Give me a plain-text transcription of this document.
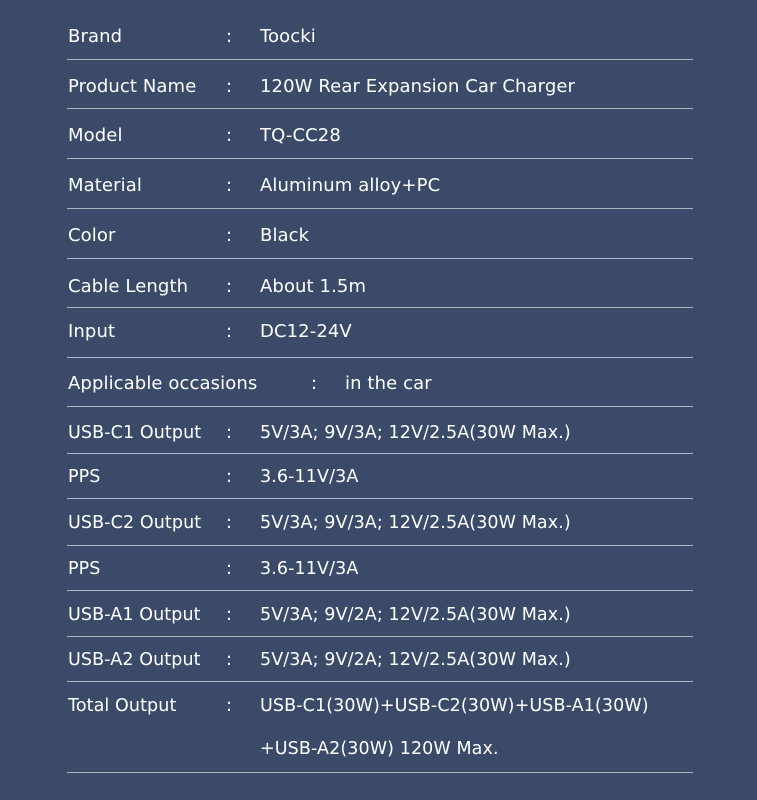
Brand	: Toocki
Product Name : 120W Rear Expansion Car Charger
Model	: TQ-CC28
Material	: Aluminum alloy+PC
Color	: Black
Cable Length : About 1.5m
Input	: DC12-24V
Applicable occasions	: in the car
USB-C1 Output : 5V/3A; 9V/3A; 12V/2.5A(30W Max.)
PPS	: 3.6-11V/3A
USB-C2 Output : 5V/3A; 9V/3A; 12V/2.5A(30W Max.)
PPS	: 3.6-11V/3A
USB-A1 Output : 5V/3A; 9V/2A; 12V/2.5A(30W Max.)
USB-A2 Output : 5V/3A; 9V/2A; 12V/2.5A(30W Max.)
Total Output	: USB-C1(30W)+USB-C2(30W)+USB-A1(30W)
+USB-A2(30W) 120W Max.
